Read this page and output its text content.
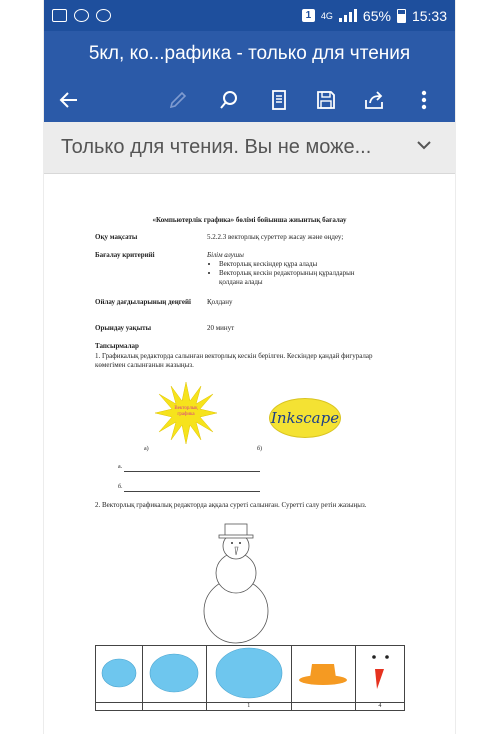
1	4G 65% 15:33
5кл, ко...рафика - только для чтения
Только для чтения. Вы не може...
«Компьютерлік графика» бөлімі бойынша жиынтық бағалау
Оқу мақсаты	5.2.2.3 векторлық суреттер жасау және өңдеу;
Бағалау критерийі	Білім алушы
• Векторлық кескіндер құра алады
• Векторлық кескін редакторының құралдарын
қолдана алады
Ойлау дағдыларының деңгейі	Қолдану
Орындау уақыты	20 минут
Тапсырмалар
1. Графикалық редакторда салынған векторлық кескін берілген. Кескіндер қандай фигуралар көмегімен салынғанын жазыңыз.
Векторлық графика	Inkscape
а)	б)
а.
б.
2. Векторлық графикалық редакторда аққала суреті салынған. Суретті салу ретін жазыңыз.

		1		4
